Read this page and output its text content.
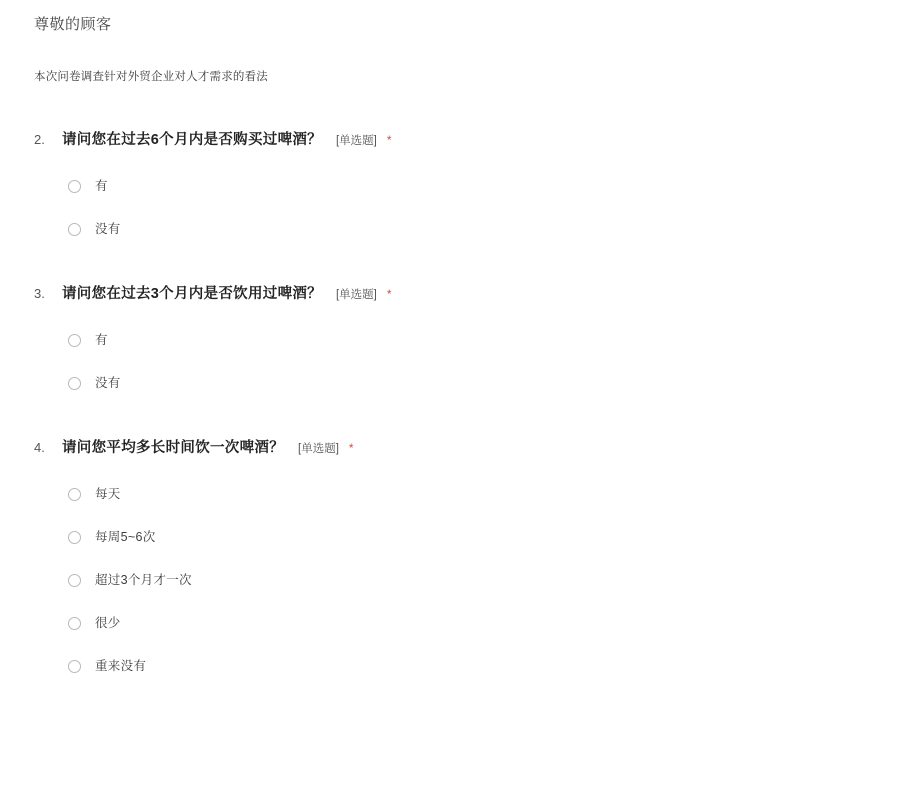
尊敬的顾客

本次问卷调查针对外贸企业对人才需求的看法

2.	请问您在过去6个月内是否购买过啤酒？ [单选题] *
有
没有
3.	请问您在过去3个月内是否饮用过啤酒？ [单选题] *
有
没有
4.	请问您平均多长时间饮一次啤酒？ [单选题] *
每天
每周5~6次
超过3个月才一次
很少
重来没有
